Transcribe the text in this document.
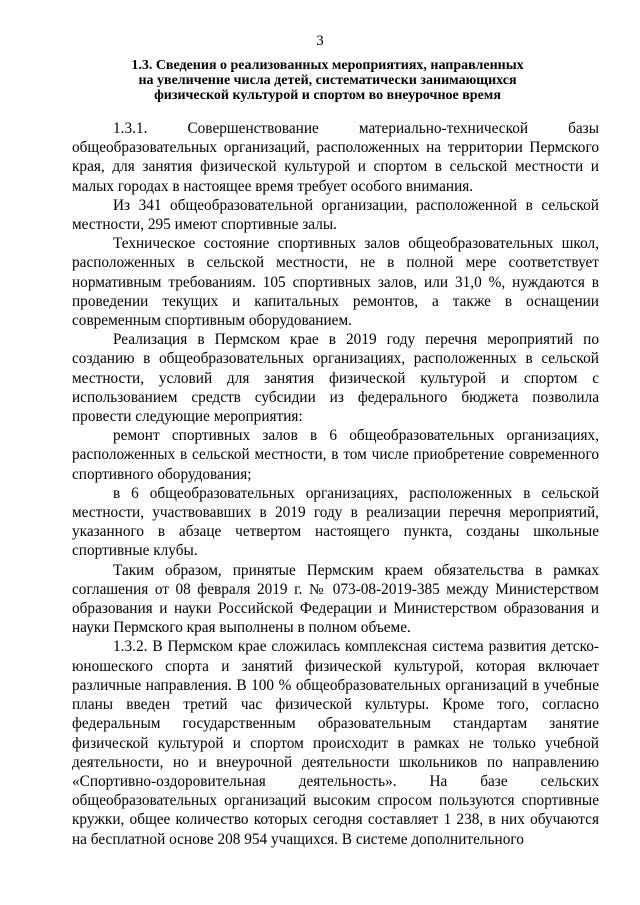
3
1.3. Сведения о реализованных мероприятиях, направленных
на увеличение числа детей, систематически занимающихся
физической культурой и спортом во внеурочное время

1.3.1. Совершенствование материально-технической базы общеобразовательных организаций, расположенных на территории Пермского края, для занятия физической культурой и спортом в сельской местности и малых городах в настоящее время требует особого внимания.

Из 341 общеобразовательной организации, расположенной в сельской местности, 295 имеют спортивные залы.

Техническое состояние спортивных залов общеобразовательных школ, расположенных в сельской местности, не в полной мере соответствует нормативным требованиям. 105 спортивных залов, или 31,0 %, нуждаются в проведении текущих и капитальных ремонтов, а также в оснащении современным спортивным оборудованием.

Реализация в Пермском крае в 2019 году перечня мероприятий по созданию в общеобразовательных организациях, расположенных в сельской местности, условий для занятия физической культурой и спортом с использованием средств субсидии из федерального бюджета позволила провести следующие мероприятия:

ремонт спортивных залов в 6 общеобразовательных организациях, расположенных в сельской местности, в том числе приобретение современного спортивного оборудования;

в 6 общеобразовательных организациях, расположенных в сельской местности, участвовавших в 2019 году в реализации перечня мероприятий, указанного в абзаце четвертом настоящего пункта, созданы школьные спортивные клубы.

Таким образом, принятые Пермским краем обязательства в рамках соглашения от 08 февраля 2019 г. № 073-08-2019-385 между Министерством образования и науки Российской Федерации и Министерством образования и науки Пермского края выполнены в полном объеме.

1.3.2. В Пермском крае сложилась комплексная система развития детско-юношеского спорта и занятий физической культурой, которая включает различные направления. В 100 % общеобразовательных организаций в учебные планы введен третий час физической культуры. Кроме того, согласно федеральным государственным образовательным стандартам занятие физической культурой и спортом происходит в рамках не только учебной деятельности, но и внеурочной деятельности школьников по направлению «Спортивно-оздоровительная деятельность». На базе сельских общеобразовательных организаций высоким спросом пользуются спортивные кружки, общее количество которых сегодня составляет 1 238, в них обучаются на бесплатной основе 208 954 учащихся. В системе дополнительного
